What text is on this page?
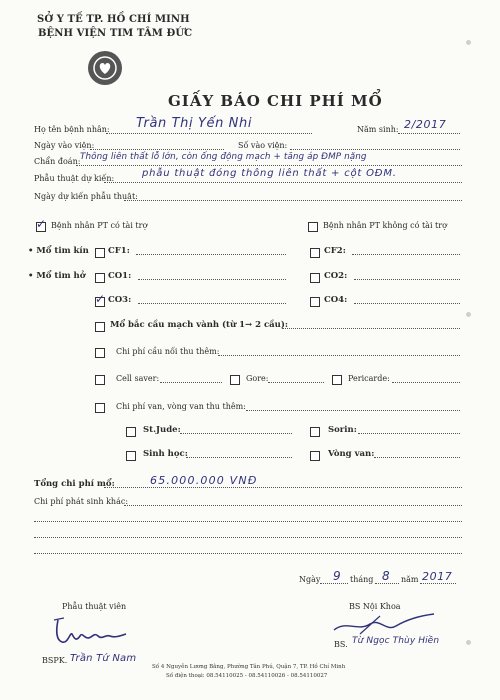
SỞ Y TẾ TP. HỒ CHÍ MINH
BỆNH VIỆN TIM TÂM ĐỨC
GIẤY BÁO CHI PHÍ MỔ
Họ tên bệnh nhân: Trần Thị Yến Nhi	Năm sinh: 2/2017
Ngày vào viện:	Số vào viện:
Chẩn đoán: Thông liên thất lỗ lớn, còn ống động mạch + tăng áp ĐMP nặng
Phẫu thuật dự kiến:	phẫu thuật đóng thông liên thất + cột OĐM.
Ngày dự kiến phẫu thuật:
✓ Bệnh nhân PT có tài trợ	Bệnh nhân PT không có tài trợ
• Mổ tim kín CF1:	CF2:
• Mổ tim hở	CO1:	CO2:
✓ CO3:	CO4:
Mổ bắc cầu mạch vành (từ 1→ 2 cầu):
Chi phí cầu nối thu thêm:
Cell saver:	Gore:	Pericarde:
Chi phí van, vòng van thu thêm:
St.Jude:	Sorin:
Sinh học:	Vòng van:
Tổng chi phí mổ:	65.000.000 VNĐ
Chi phí phát sinh khác:
Ngày 9 tháng 8 năm 2017
Phẫu thuật viên
BSPK. Trần Tứ Nam
BS Nội Khoa
BS. Từ Ngọc Thùy Hiền
Số 4 Nguyễn Lương Bằng, Phường Tân Phú, Quận 7, TP. Hồ Chí Minh
Số điện thoại: 08.54110025 - 08.54110026 - 08.54110027
